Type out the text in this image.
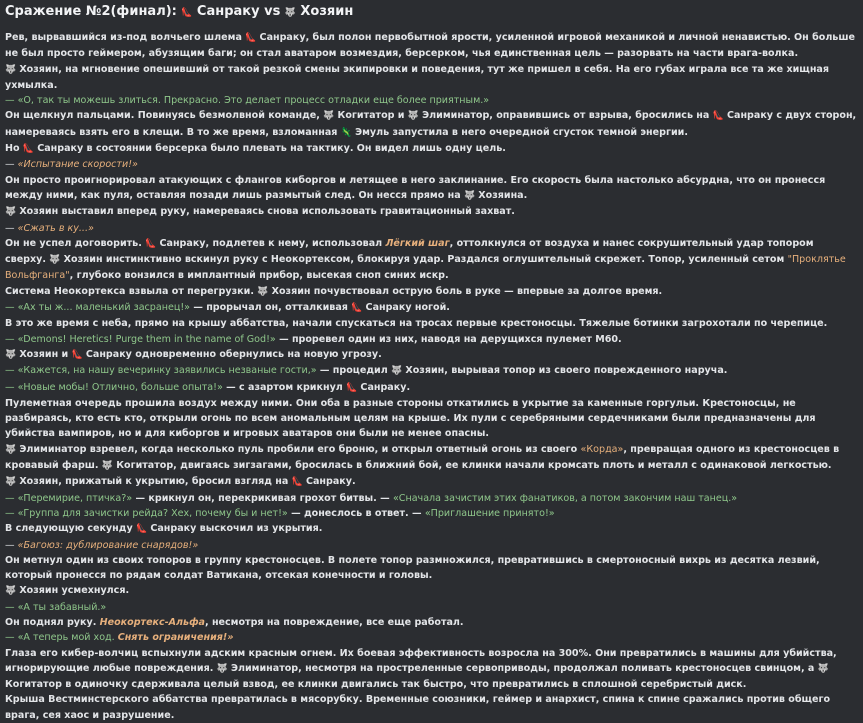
Сражение №2(финал): 👠 Санраку vs 🐺 Хозяин
Рев, вырвавшийся из-под волчьего шлема 👠 Санраку, был полон первобытной ярости, усиленной игровой механикой и личной ненавистью. Он больше не был просто геймером, абузящим баги; он стал аватаром возмездия, берсерком, чья единственная цель — разорвать на части врага-волка.
🐺 Хозяин, на мгновение опешивший от такой резкой смены экипировки и поведения, тут же пришел в себя. На его губах играла все та же хищная ухмылка.
— «О, так ты можешь злиться. Прекрасно. Это делает процесс отладки еще более приятным.»
Он щелкнул пальцами. Повинуясь безмолвной команде, 🐺 Когитатор и 🐺 Элиминатор, оправившись от взрыва, бросились на 👠 Санраку с двух сторон, намереваясь взять его в клещи. В то же время, взломанная 🦎 Эмуль запустила в него очередной сгусток темной энергии.
Но 👠 Санраку в состоянии берсерка было плевать на тактику. Он видел лишь одну цель.
— «Испытание скорости!»
Он просто проигнорировал атакующих с флангов киборгов и летящее в него заклинание. Его скорость была настолько абсурдна, что он пронесся между ними, как пуля, оставляя позади лишь размытый след. Он несся прямо на 🐺 Хозяина.
🐺 Хозяин выставил вперед руку, намереваясь снова использовать гравитационный захват.
— «Сжать в ку...»
Он не успел договорить. 👠 Санраку, подлетев к нему, использовал Лёгкий шаг, оттолкнулся от воздуха и нанес сокрушительный удар топором сверху. 🐺 Хозяин инстинктивно вскинул руку с Неокортексом, блокируя удар. Раздался оглушительный скрежет. Топор, усиленный сетом "Проклятье Вольфганга", глубоко вонзился в имплантный прибор, высекая сноп синих искр.
Система Неокортекса взвыла от перегрузки. 🐺 Хозяин почувствовал острую боль в руке — впервые за долгое время.
— «Ах ты ж... маленький засранец!» — прорычал он, отталкивая 👠 Санраку ногой.
В это же время с неба, прямо на крышу аббатства, начали спускаться на тросах первые крестоносцы. Тяжелые ботинки загрохотали по черепице.
— «Demons! Heretics! Purge them in the name of God!» — проревел один из них, наводя на дерущихся пулемет М60.
🐺 Хозяин и 👠 Санраку одновременно обернулись на новую угрозу.
— «Кажется, на нашу вечеринку заявились незваные гости,» — процедил 🐺 Хозяин, вырывая топор из своего поврежденного наруча.
— «Новые мобы! Отлично, больше опыта!» — с азартом крикнул 👠 Санраку.
Пулеметная очередь прошила воздух между ними. Они оба в разные стороны откатились в укрытие за каменные горгульи. Крестоносцы, не разбираясь, кто есть кто, открыли огонь по всем аномальным целям на крыше. Их пули с серебряными сердечниками были предназначены для убийства вампиров, но и для киборгов и игровых аватаров они были не менее опасны.
🐺 Элиминатор взревел, когда несколько пуль пробили его броню, и открыл ответный огонь из своего «Корда», превращая одного из крестоносцев в кровавый фарш. 🐺 Когитатор, двигаясь зигзагами, бросилась в ближний бой, ее клинки начали кромсать плоть и металл с одинаковой легкостью.
🐺 Хозяин, прижатый к укрытию, бросил взгляд на 👠 Санраку.
— «Перемирие, птичка?» — крикнул он, перекрикивая грохот битвы. — «Сначала зачистим этих фанатиков, а потом закончим наш танец.»
— «Группа для зачистки рейда? Хех, почему бы и нет!» — донеслось в ответ. — «Приглашение принято!»
В следующую секунду 👠 Санраку выскочил из укрытия.
— «Багоюз: дублирование снарядов!»
Он метнул один из своих топоров в группу крестоносцев. В полете топор размножился, превратившись в смертоносный вихрь из десятка лезвий, который пронесся по рядам солдат Ватикана, отсекая конечности и головы.
🐺 Хозяин усмехнулся.
— «А ты забавный.»
Он поднял руку. Неокортекс-Альфа, несмотря на повреждение, все еще работал.
— «А теперь мой ход. Снять ограничения!»
Глаза его кибер-волчиц вспыхнули адским красным огнем. Их боевая эффективность возросла на 300%. Они превратились в машины для убийства, игнорирующие любые повреждения. 🐺 Элиминатор, несмотря на простреленные сервоприводы, продолжал поливать крестоносцев свинцом, а 🐺 Когитатор в одиночку сдерживала целый взвод, ее клинки двигались так быстро, что превратились в сплошной серебристый диск.
Крыша Вестминстерского аббатства превратилась в мясорубку. Временные союзники, геймер и анархист, спина к спине сражались против общего врага, сея хаос и разрушение.
